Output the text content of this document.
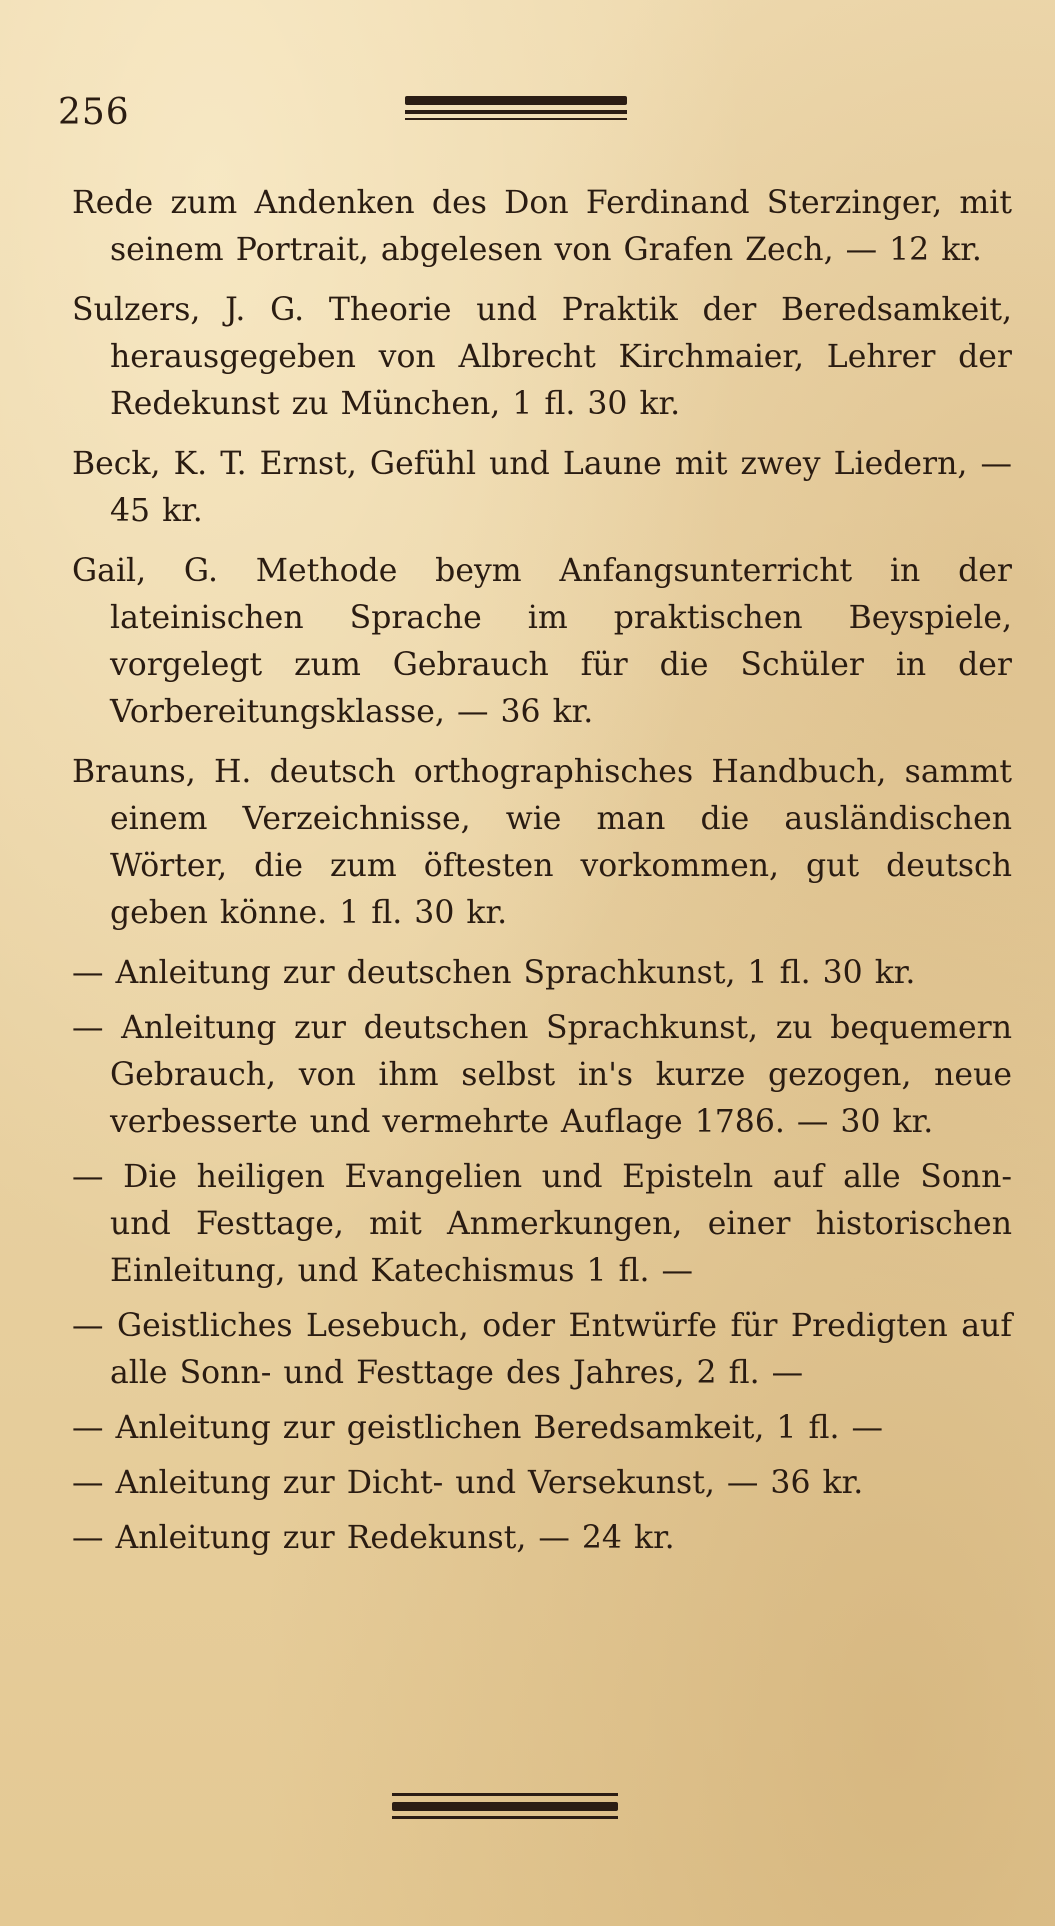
256

Rede zum Andenken des Don Ferdinand Sterzinger, mit seinem Portrait, abgelesen von Grafen Zech, — 12 kr.

Sulzers, J. G. Theorie und Praktik der Beredsamkeit, herausgegeben von Albrecht Kirchmaier, Lehrer der Redekunst zu München, 1 fl. 30 kr.

Beck, K. T. Ernst, Gefühl und Laune mit zwey Liedern, — 45 kr.

Gail, G. Methode beym Anfangsunterricht in der lateinischen Sprache im praktischen Beyspiele, vorgelegt zum Gebrauch für die Schüler in der Vorbereitungsklasse, — 36 kr.

Brauns, H. deutsch orthographisches Handbuch, sammt einem Verzeichnisse, wie man die ausländischen Wörter, die zum öftesten vorkommen, gut deutsch geben könne. 1 fl. 30 kr.

— Anleitung zur deutschen Sprachkunst, 1 fl. 30 kr.

— Anleitung zur deutschen Sprachkunst, zu bequemern Gebrauch, von ihm selbst in's kurze gezogen, neue verbesserte und vermehrte Auflage 1786. — 30 kr.

— Die heiligen Evangelien und Episteln auf alle Sonn- und Festtage, mit Anmerkungen, einer historischen Einleitung, und Katechismus 1 fl. —

— Geistliches Lesebuch, oder Entwürfe für Predigten auf alle Sonn- und Festtage des Jahres, 2 fl. —

— Anleitung zur geistlichen Beredsamkeit, 1 fl. —

— Anleitung zur Dicht- und Versekunst, — 36 kr.

— Anleitung zur Redekunst, — 24 kr.
